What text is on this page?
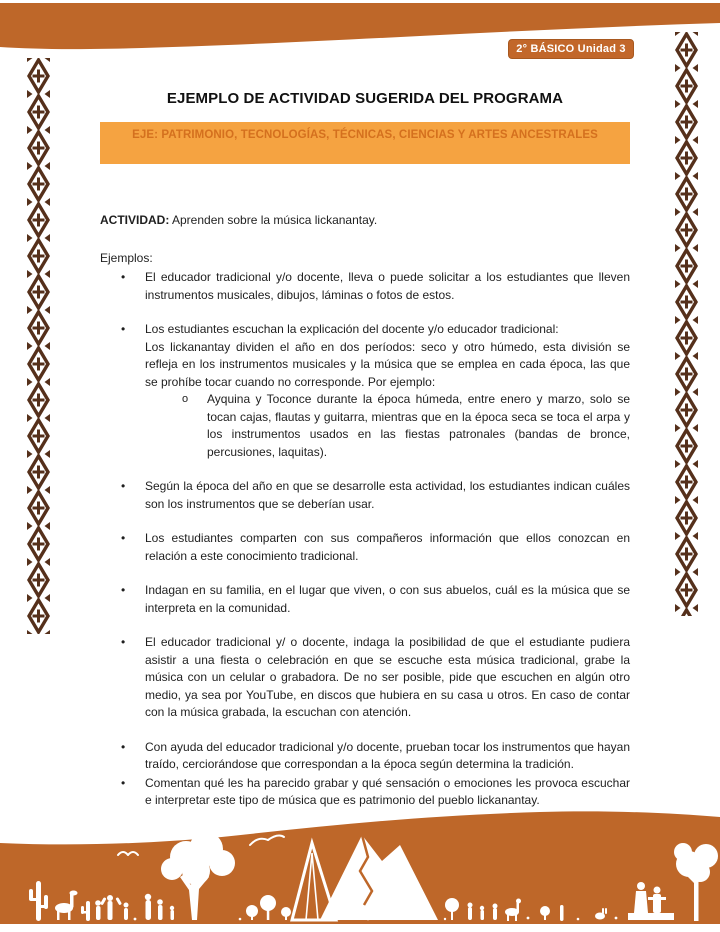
2° BÁSICO Unidad 3
EJEMPLO DE ACTIVIDAD SUGERIDA DEL PROGRAMA
EJE: PATRIMONIO, TECNOLOGÍAS, TÉCNICAS, CIENCIAS Y ARTES ANCESTRALES
ACTIVIDAD: Aprenden sobre la música lickanantay.
Ejemplos:
•	El educador tradicional y/o docente, lleva o puede solicitar a los estudiantes que lleven instrumentos musicales, dibujos, láminas o fotos de estos.
•	Los estudiantes escuchan la explicación del docente y/o educador tradicional:
Los lickanantay dividen el año en dos períodos: seco y otro húmedo, esta división se refleja en los instrumentos musicales y la música que se emplea en cada época, las que se prohíbe tocar cuando no corresponde. Por ejemplo:
o	Ayquina y Toconce durante la época húmeda, entre enero y marzo, solo se tocan cajas, flautas y guitarra, mientras que en la época seca se toca el arpa y los instrumentos usados en las fiestas patronales (bandas de bronce, percusiones, laquitas).
•	Según la época del año en que se desarrolle esta actividad, los estudiantes indican cuáles son los instrumentos que se deberían usar.
•	Los estudiantes comparten con sus compañeros información que ellos conozcan en relación a este conocimiento tradicional.
•	Indagan en su familia, en el lugar que viven, o con sus abuelos, cuál es la música que se interpreta en la comunidad.
•	El educador tradicional y/ o docente, indaga la posibilidad de que el estudiante pudiera asistir a una fiesta o celebración en que se escuche esta música tradicional, grabe la música con un celular o grabadora. De no ser posible, pide que escuchen en algún otro medio, ya sea por YouTube, en discos que hubiera en su casa u otros. En caso de contar con la música grabada, la escuchan con atención.
•	Con ayuda del educador tradicional y/o docente, prueban tocar los instrumentos que hayan traído, cerciorándose que correspondan a la época según determina la tradición.
•	Comentan qué les ha parecido grabar y qué sensación o emociones les provoca escuchar e interpretar este tipo de música que es patrimonio del pueblo lickanantay.
